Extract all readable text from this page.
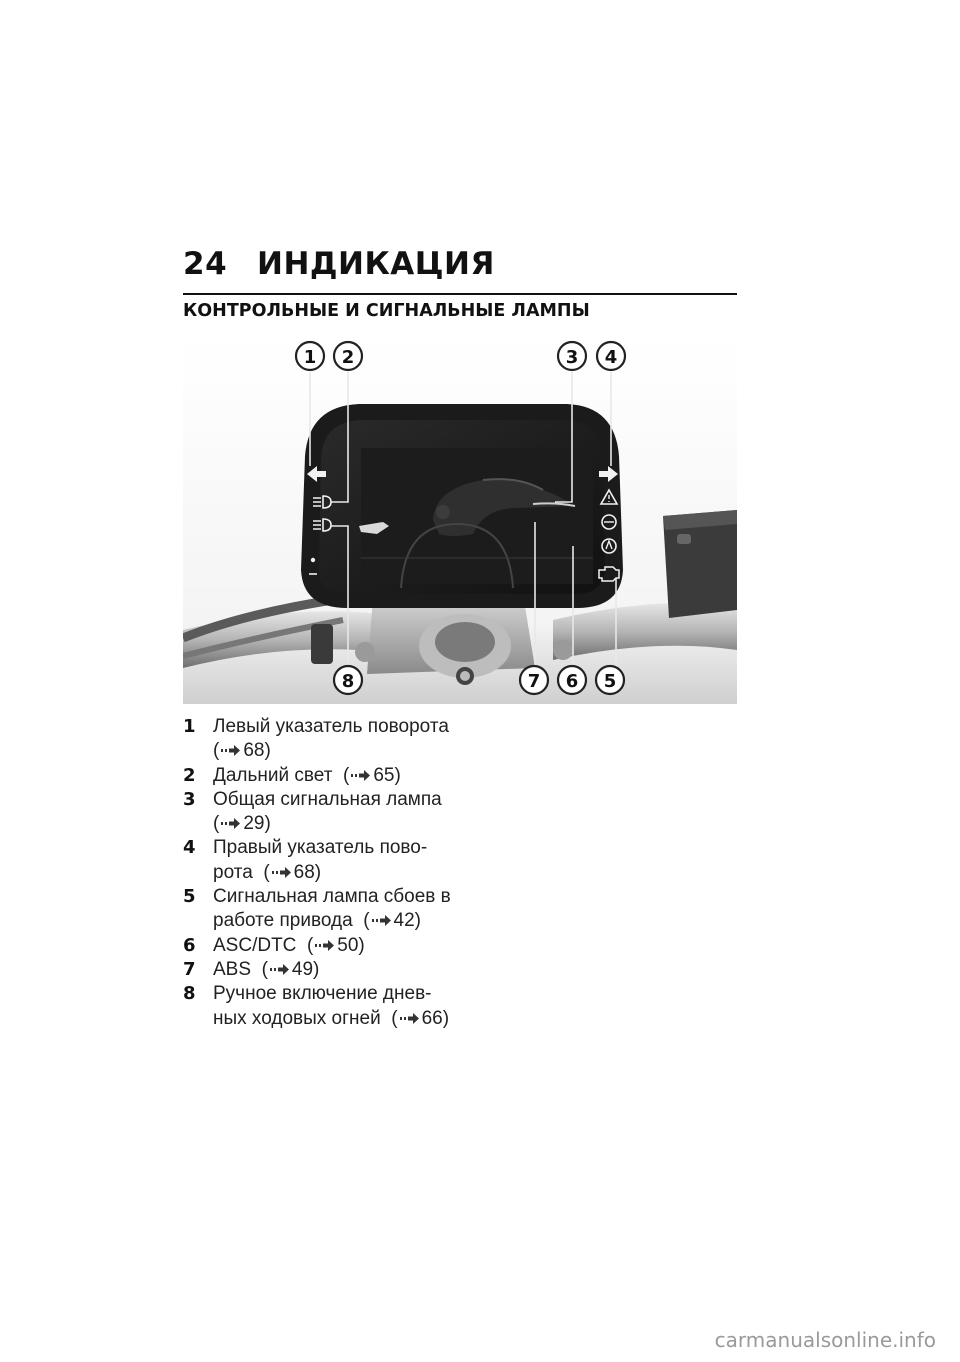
24 ИНДИКАЦИЯ
КОНТРОЛЬНЫЕ И СИГНАЛЬНЫЕ ЛАМПЫ
1 2	3 4
5
6
7
8
1 Левый указатель поворота
( 68)
2 Дальний свет ( 65)
3 Общая сигнальная лампа
( 29)
4 Правый указатель пово-
рота ( 68)
5 Сигнальная лампа сбоев в
работе привода ( 42)
6 ASC/DTC ( 50)
7 ABS ( 49)
8 Ручное включение днев-
ных ходовых огней ( 66)
carmanualsonline.info
